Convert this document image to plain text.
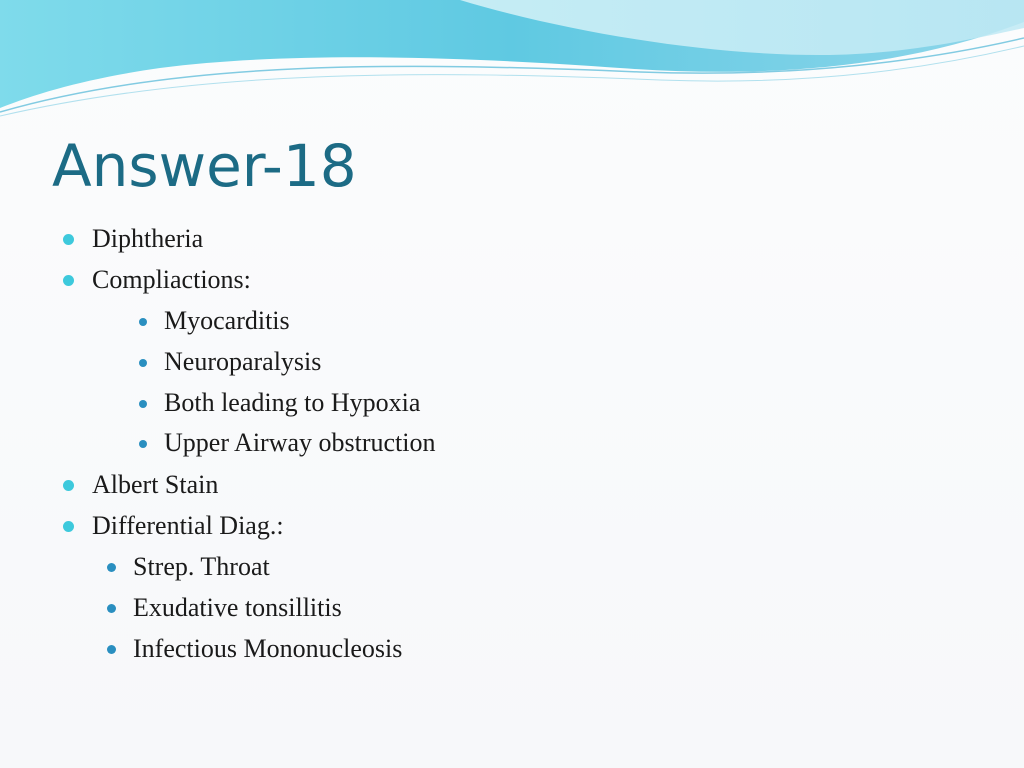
Answer-18
Diphtheria
Compliactions:
Myocarditis
Neuroparalysis
Both leading to Hypoxia
Upper Airway obstruction
Albert Stain
Differential Diag.:
Strep. Throat
Exudative tonsillitis
Infectious Mononucleosis
